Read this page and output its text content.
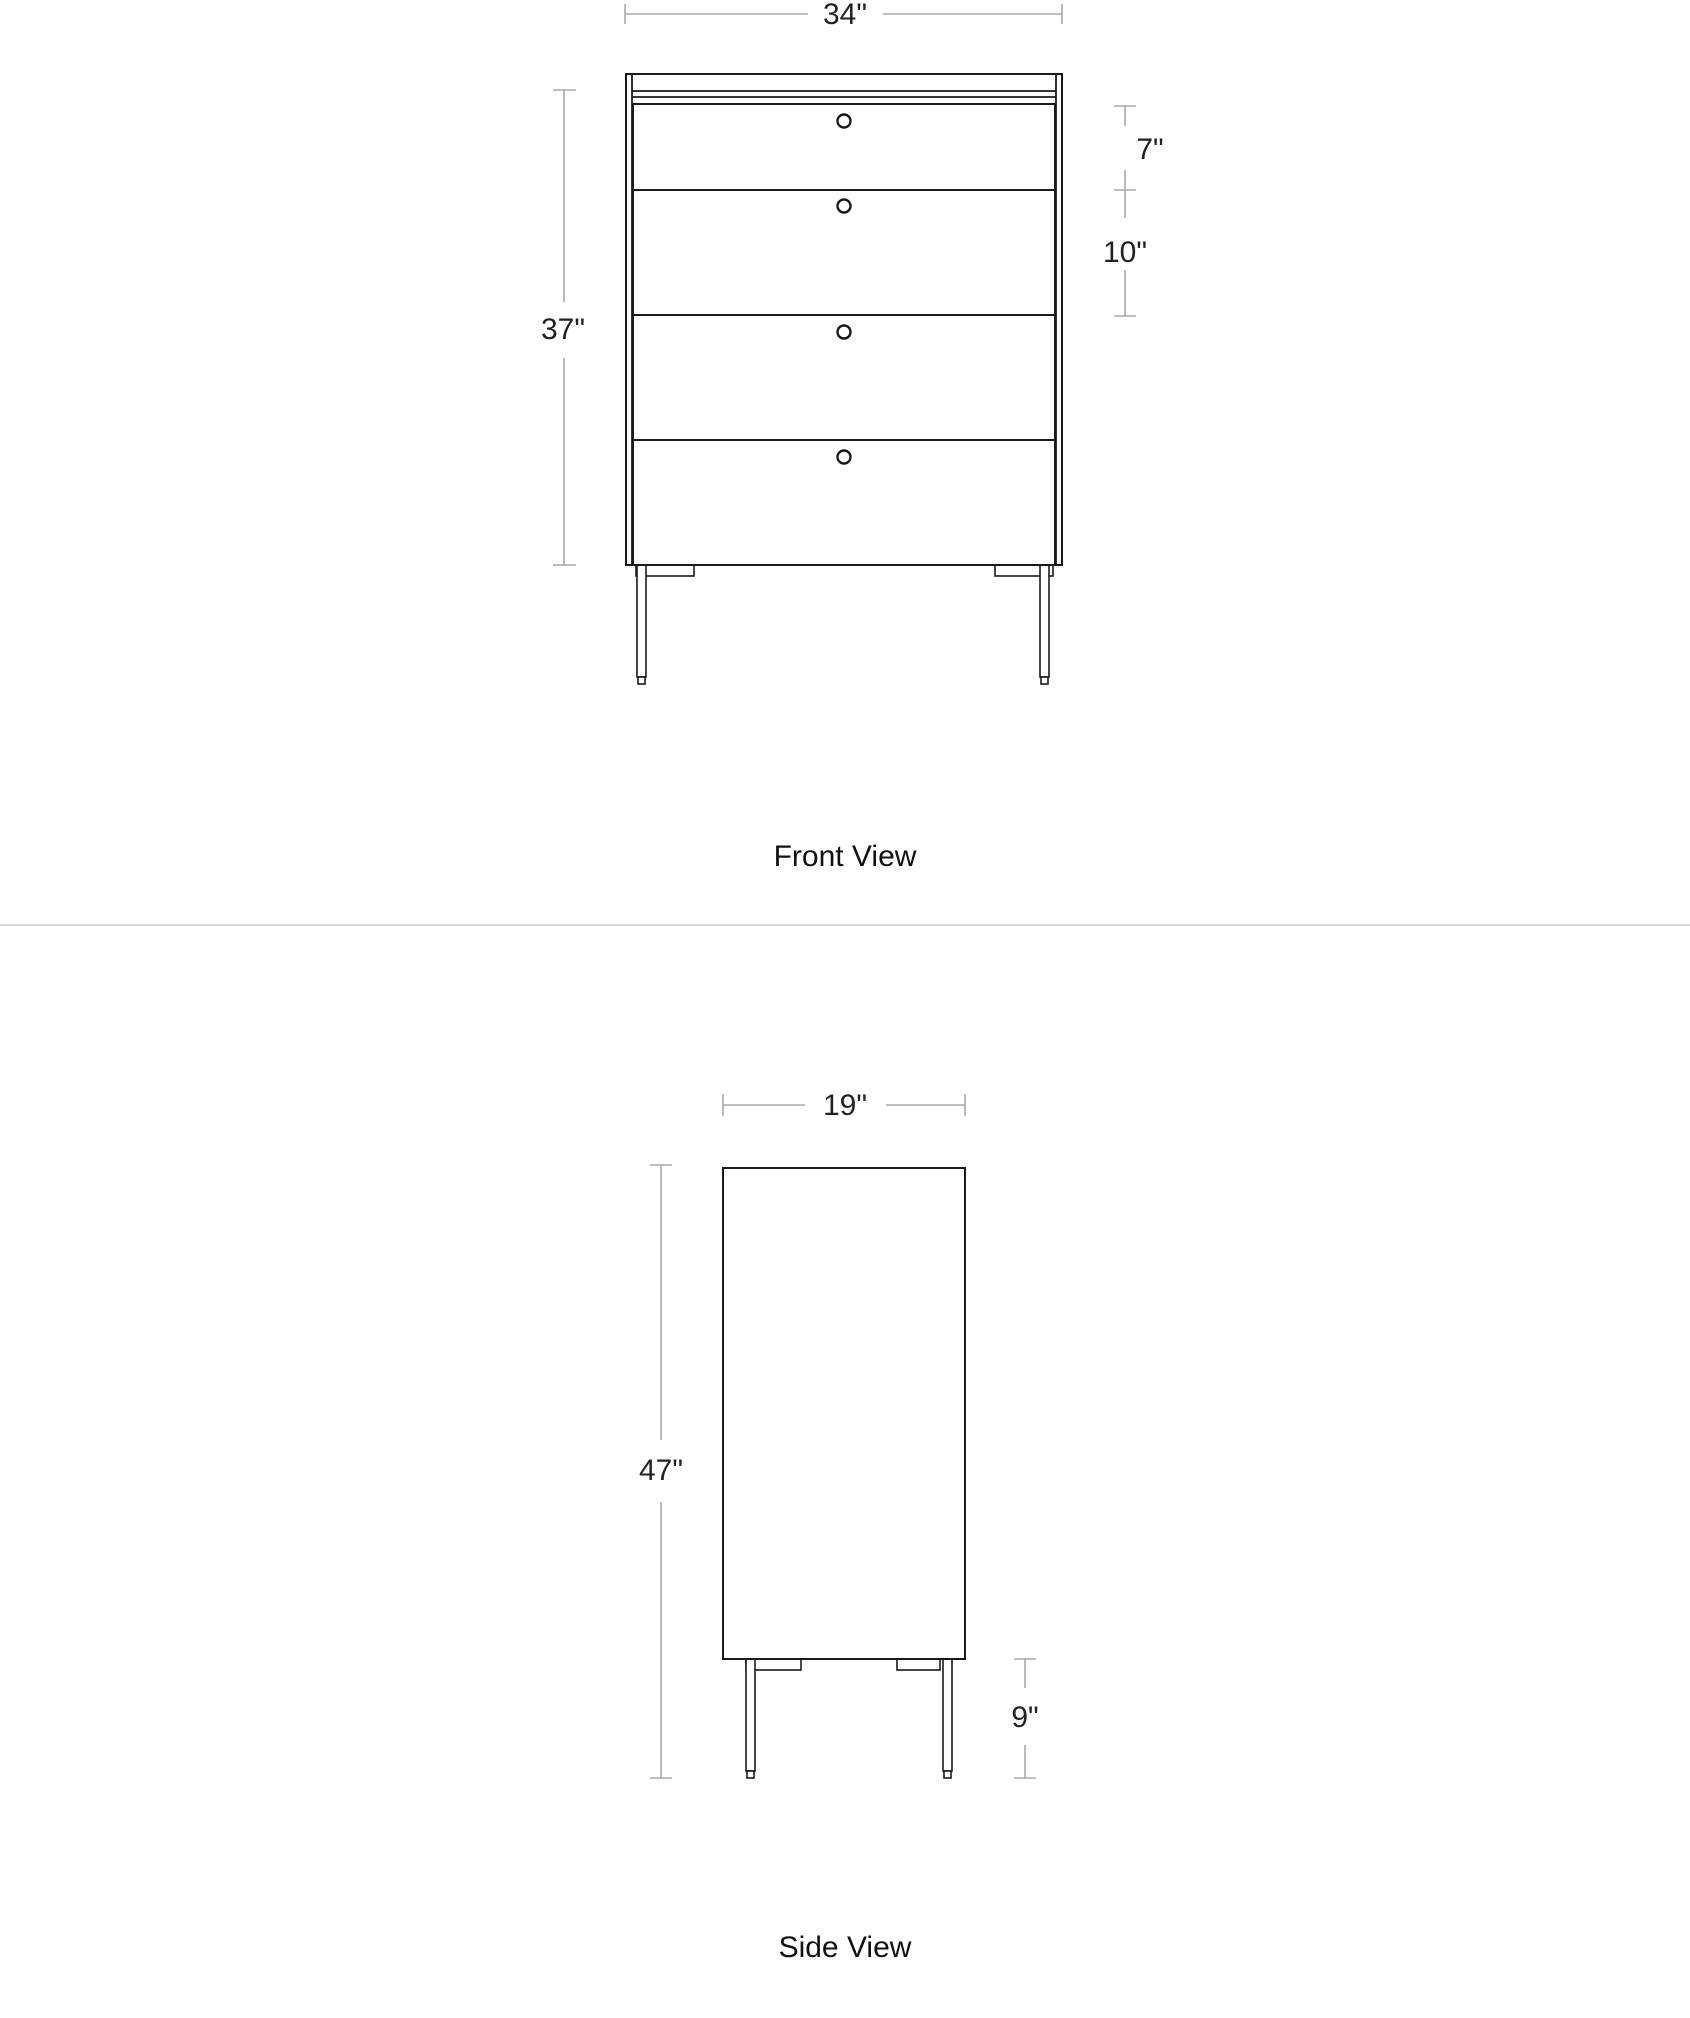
34"
37"
7"
10"
Front View
19"
47"
9"
Side View
